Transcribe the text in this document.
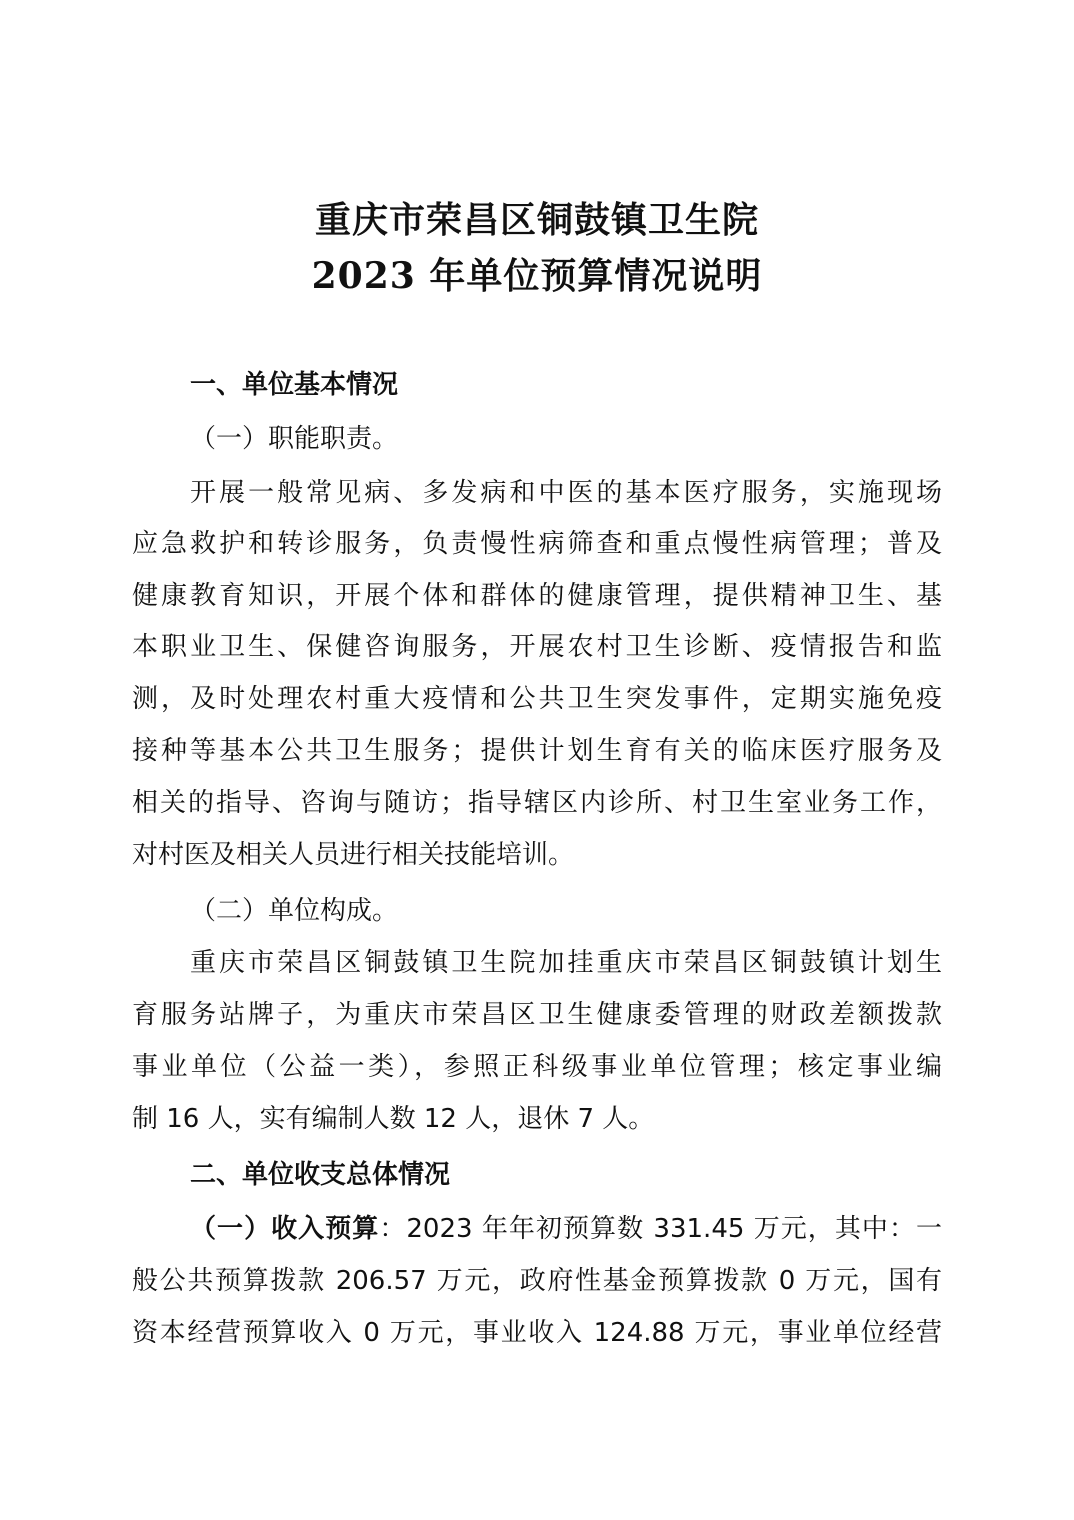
重庆市荣昌区铜鼓镇卫生院
2023 年单位预算情况说明
一、单位基本情况
（一）职能职责。
开展一般常见病、多发病和中医的基本医疗服务，实施现场
应急救护和转诊服务，负责慢性病筛查和重点慢性病管理；普及
健康教育知识，开展个体和群体的健康管理，提供精神卫生、基
本职业卫生、保健咨询服务，开展农村卫生诊断、疫情报告和监
测，及时处理农村重大疫情和公共卫生突发事件，定期实施免疫
接种等基本公共卫生服务；提供计划生育有关的临床医疗服务及
相关的指导、咨询与随访；指导辖区内诊所、村卫生室业务工作，
对村医及相关人员进行相关技能培训。
（二）单位构成。
重庆市荣昌区铜鼓镇卫生院加挂重庆市荣昌区铜鼓镇计划生
育服务站牌子，为重庆市荣昌区卫生健康委管理的财政差额拨款
事业单位（公益一类），参照正科级事业单位管理；核定事业编
制 16 人，实有编制人数 12 人，退休 7 人。
二、单位收支总体情况
（一）收入预算：2023 年年初预算数 331.45 万元，其中：一
般公共预算拨款 206.57 万元，政府性基金预算拨款 0 万元，国有
资本经营预算收入 0 万元，事业收入 124.88 万元，事业单位经营
